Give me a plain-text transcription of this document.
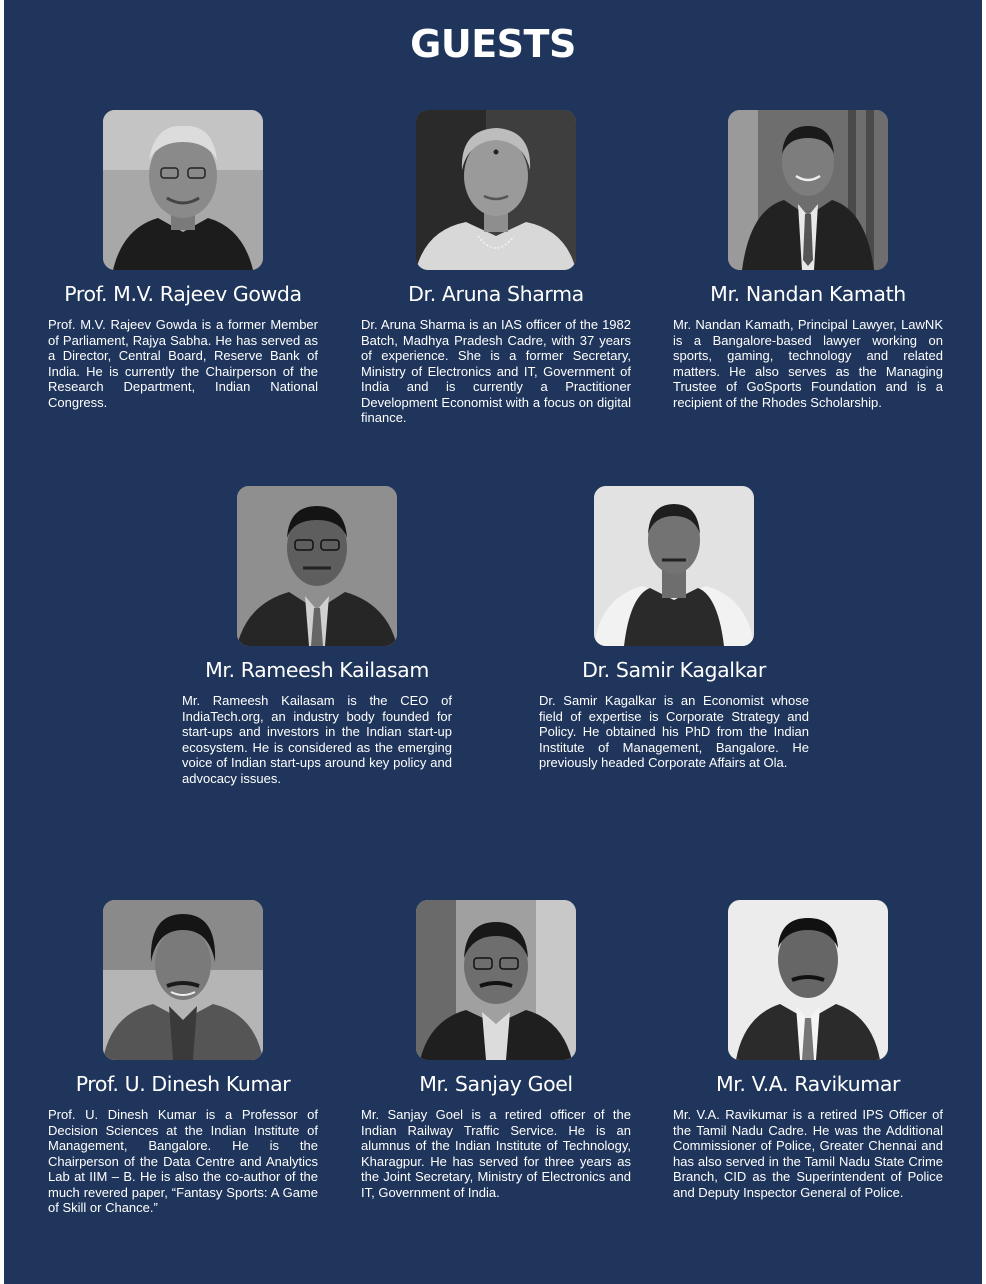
GUESTS
Prof. M.V. Rajeev Gowda
Prof. M.V. Rajeev Gowda is a former Member of Parliament, Rajya Sabha. He has served as a Director, Central Board, Reserve Bank of India. He is currently the Chairperson of the Research Department, Indian National Congress.
Dr. Aruna Sharma
Dr. Aruna Sharma is an IAS officer of the 1982 Batch, Madhya Pradesh Cadre, with 37 years of experience. She is a former Secretary, Ministry of Electronics and IT, Government of India and is currently a Practitioner Development Economist with a focus on digital finance.
Mr. Nandan Kamath
Mr. Nandan Kamath, Principal Lawyer, LawNK is a Bangalore-based lawyer working on sports, gaming, technology and related matters. He also serves as the Managing Trustee of GoSports Foundation and is a recipient of the Rhodes Scholarship.
Mr. Rameesh Kailasam
Mr. Rameesh Kailasam is the CEO of IndiaTech.org, an industry body founded for start-ups and investors in the Indian start-up ecosystem. He is considered as the emerging voice of Indian start-ups around key policy and advocacy issues.
Dr. Samir Kagalkar
Dr. Samir Kagalkar is an Economist whose field of expertise is Corporate Strategy and Policy. He obtained his PhD from the Indian Institute of Management, Bangalore. He previously headed Corporate Affairs at Ola.
Prof. U. Dinesh Kumar
Prof. U. Dinesh Kumar is a Professor of Decision Sciences at the Indian Institute of Management, Bangalore. He is the Chairperson of the Data Centre and Analytics Lab at IIM – B. He is also the co-author of the much revered paper, “Fantasy Sports: A Game of Skill or Chance.”
Mr. Sanjay Goel
Mr. Sanjay Goel is a retired officer of the Indian Railway Traffic Service. He is an alumnus of the Indian Institute of Technology, Kharagpur. He has served for three years as the Joint Secretary, Ministry of Electronics and IT, Government of India.
Mr. V.A. Ravikumar
Mr. V.A. Ravikumar is a retired IPS Officer of the Tamil Nadu Cadre. He was the Additional Commissioner of Police, Greater Chennai and has also served in the Tamil Nadu State Crime Branch, CID as the Superintendent of Police and Deputy Inspector General of Police.
